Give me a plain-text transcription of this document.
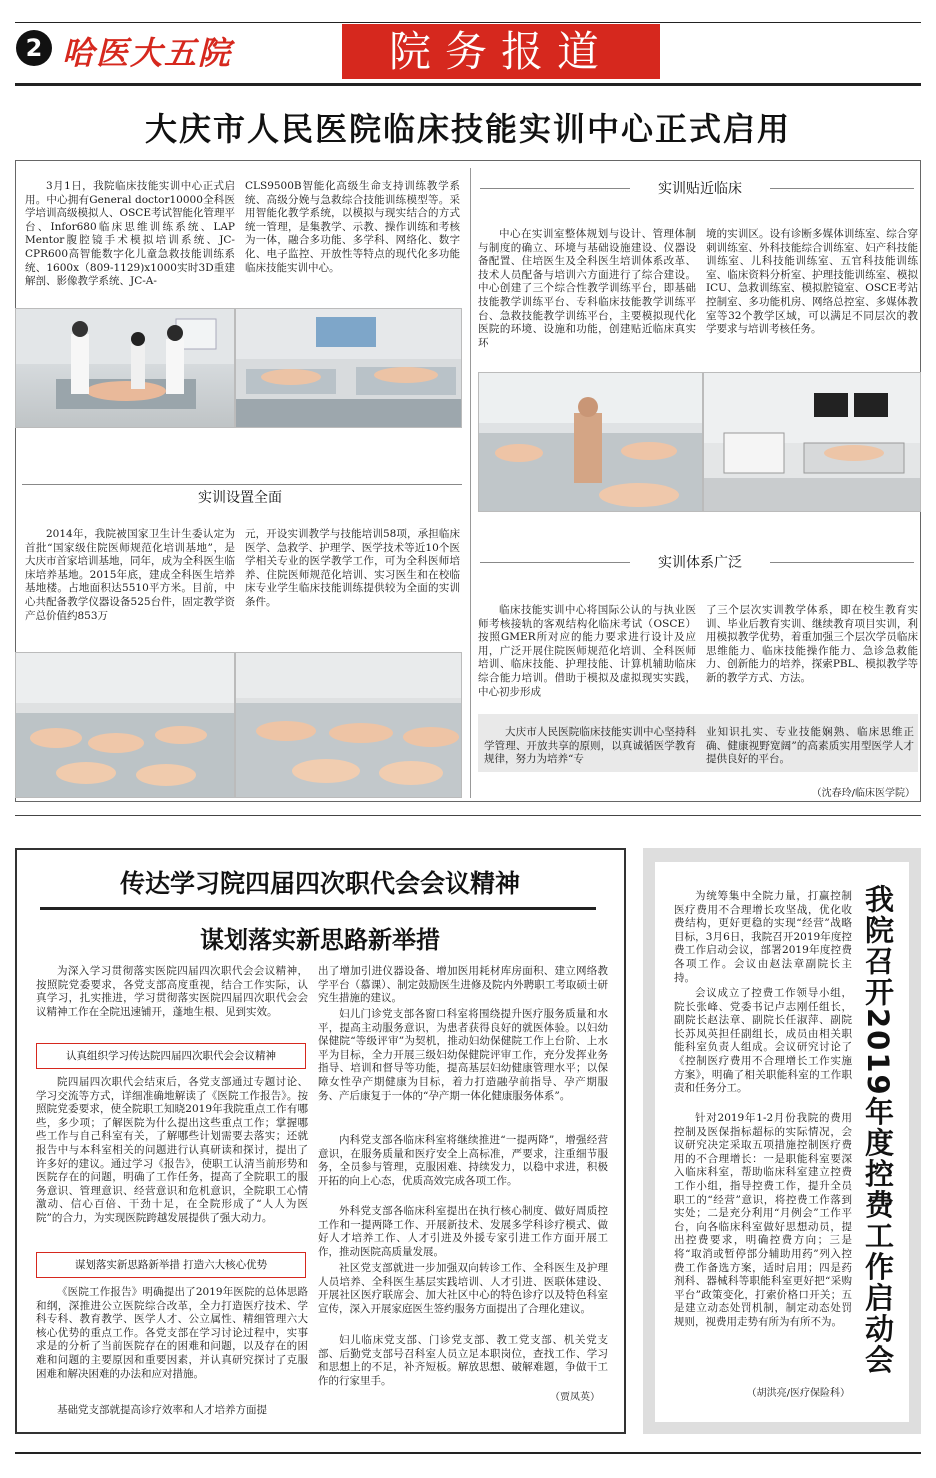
2 哈医大五院	院务报道
大庆市人民医院临床技能实训中心正式启用
3月1日，我院临床技能实训中心正式启用。中心拥有General doctor10000全科医学培训高级模拟人、OSCE考试智能化管理平台、Infor680临床思维训练系统、LAP Mentor腹腔镜手术模拟培训系统、JC-CPR600高智能数字化儿童急救技能训练系统、1600x（809-1129)x1000实时3D重建解剖、影像教学系统、JC-A-
CLS9500B智能化高级生命支持训练教学系统、高级分娩与急救综合技能训练模型等。采用智能化教学系统，以模拟与现实结合的方式统一管理，是集教学、示教、操作训练和考核为一体，融合多功能、多学科、网络化、数字化、电子监控、开放性等特点的现代化多功能临床技能实训中心。
实训设置全面
2014年，我院被国家卫生计生委认定为首批“国家级住院医师规范化培训基地”，是大庆市首家培训基地，同年，成为全科医生临床培养基地。2015年底，建成全科医生培养基地楼。占地面积达5510平方米。目前，中心共配备教学仪器设备525台件，固定教学资产总价值约853万
元，开设实训教学与技能培训58项，承担临床医学、急救学、护理学、医学技术等近10个医学相关专业的医学教学工作，可为全科医师培养、住院医师规范化培训、实习医生和在校临床专业学生临床技能训练提供较为全面的实训条件。
实训贴近临床
中心在实训室整体规划与设计、管理体制与制度的确立、环境与基础设施建设、仪器设备配置、住培医生及全科医生培训体系改革、技术人员配备与培训六方面进行了综合建设。中心创建了三个综合性教学训练平台，即基础技能教学训练平台、专科临床技能教学训练平台、急救技能教学训练平台，主要模拟现代化医院的环境、设施和功能，创建贴近临床真实环
境的实训区。设有诊断多媒体训练室、综合穿刺训练室、外科技能综合训练室、妇产科技能训练室、儿科技能训练室、五官科技能训练室、临床资料分析室、护理技能训练室、模拟ICU、急救训练室、模拟腔镜室、OSCE考站控制室、多功能机房、网络总控室、多媒体教室等32个教学区域，可以满足不同层次的教学要求与培训考核任务。
实训体系广泛
临床技能实训中心将国际公认的与执业医师考核接轨的客观结构化临床考试（OSCE）按照GMER所对应的能力要求进行设计及应用，广泛开展住院医师规范化培训、全科医师培训、临床技能、护理技能、计算机辅助临床综合能力培训。借助于模拟及虚拟现实实践，中心初步形成
了三个层次实训教学体系，即在校生教育实训、毕业后教育实训、继续教育项目实训，利用模拟教学优势，着重加强三个层次学员临床思维能力、临床技能操作能力、急诊急救能力、创新能力的培养，探索PBL、模拟教学等新的教学方式、方法。
大庆市人民医院临床技能实训中心坚持科学管理、开放共享的原则，以真诚循医学教育规律，努力为培养“专
业知识扎实、专业技能娴熟、临床思维正确、健康视野宽阔”的高素质实用型医学人才提供良好的平台。
（沈春玲/临床医学院）
传达学习院四届四次职代会会议精神
谋划落实新思路新举措
为深入学习贯彻落实医院四届四次职代会会议精神，按照院党委要求，各党支部高度重视，结合工作实际，认真学习，扎实推进，学习贯彻落实医院四届四次职代会会议精神工作在全院迅速铺开，蓬地生根、见到实效。
认真组织学习传达院四届四次职代会会议精神
院四届四次职代会结束后，各党支部通过专题讨论、学习交流等方式，详细准确地解读了《医院工作报告》。按照院党委要求，使全院职工知晓2019年我院重点工作有哪些，多少项；了解医院为什么提出这些重点工作；掌握哪些工作与自己科室有关，了解哪些计划需要去落实；还就报告中与本科室相关的问题进行认真研读和探讨，提出了许多好的建议。通过学习《报告》，使职工认清当前形势和医院存在的问题，明确了工作任务，提高了全院职工的服务意识、管理意识、经营意识和危机意识，全院职工心情激动、信心百倍、干劲十足，在全院形成了“人人为医院”的合力，为实现医院跨越发展提供了强大动力。
谋划落实新思路新举措 打造六大核心优势
《医院工作报告》明确提出了2019年医院的总体思路和纲，深推进公立医院综合改革，全力打造医疗技术、学科专科、教育教学、医学人才、公立属性、精细管理六大核心优势的重点工作。各党支部在学习讨论过程中，实事求是的分析了当前医院存在的困难和问题，以及存在的困难和问题的主要原因和重要因素，并认真研究探讨了克服困难和解决困难的办法和应对措施。
基础党支部就提高诊疗效率和人才培养方面提
出了增加引进仪器设备、增加医用耗材库房面积、建立网络教学平台（慕课）、制定鼓励医生进修及院内外聘职工考取硕士研究生措施的建议。
妇儿门诊党支部各窗口科室将围绕提升医疗服务质量和水平，提高主动服务意识，为患者获得良好的就医体验。以妇幼保健院“等级评审”为契机，推动妇幼保健院工作上台阶、上水平为目标，全力开展三级妇幼保健院评审工作，充分发挥业务指导、培训和督导等功能，提高基层妇幼健康管理水平；以保障女性孕产期健康为目标，着力打造融孕前指导、孕产期服务、产后康复于一体的“孕产期一体化健康服务体系”。
内科党支部各临床科室将继续推进“一提两降”，增强经营意识，在服务质量和医疗安全上高标准，严要求，注重细节服务，全员参与管理，克服困难、持续发力，以稳中求进，积极开拓的向上心态，优质高效完成各项工作。
外科党支部各临床科室提出在执行核心制度、做好周质控工作和一提两降工作、开展新技术、发展多学科诊疗模式、做好人才培养工作、人才引进及外援专家引进工作方面开展工作，推动医院高质量发展。
社区党支部就进一步加强双向转诊工作、全科医生及护理人员培养、全科医生基层实践培训、人才引进、医联体建设、开展社区医疗联席会、加大社区中心的特色诊疗以及特色科室宣传，深入开展家庭医生签约服务方面提出了合理化建议。
妇儿临床党支部、门诊党支部、教工党支部、机关党支部、后勤党支部号召科室人员立足本职岗位，查找工作、学习和思想上的不足，补齐短板。解放思想、破解难题，争做干工作的行家里手。
（贾凤英）
为统筹集中全院力量，打赢控制医疗费用不合理增长攻坚战，优化收费结构，更好更稳的实现“经营”战略目标，3月6日，我院召开2019年度控费工作启动会议，部署2019年度控费各项工作。会议由赵法章副院长主持。
会议成立了控费工作领导小组，院长张峰、党委书记卢志刚任组长，副院长赵法章、副院长任淑萍、副院长苏凤英担任副组长，成员由相关职能科室负责人组成。会议研究讨论了《控制医疗费用不合理增长工作实施方案》，明确了相关职能科室的工作职责和任务分工。
针对2019年1-2月份我院的费用控制及医保指标超标的实际情况，会议研究决定采取五项措施控制医疗费用的不合理增长：一是职能科室要深入临床科室，帮助临床科室建立控费工作小组，指导控费工作，提升全员职工的“经营”意识，将控费工作落到实处；二是充分利用“月例会”工作平台，向各临床科室做好思想动员，提出控费要求，明确控费方向；三是将“取消或暂停部分辅助用药”列入控费工作备选方案，适时启用；四是药剂科、器械科等职能科室更好把“采购平台”政策变化，打索价格口开关；五是建立动态处罚机制，制定动态处罚规则，视费用走势有所为有所不为。 我院召开2019年度控费工作启动会
（胡洪亮/医疗保险科）
